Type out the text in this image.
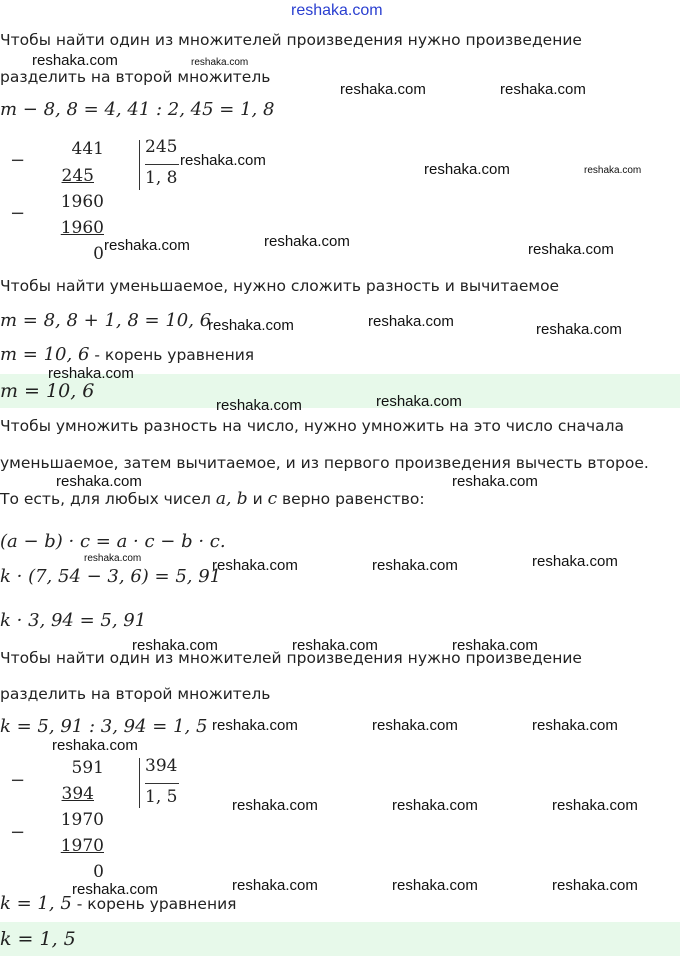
reshaka.com
Чтобы найти один из множителей произведения нужно произведение
разделить на второй множитель
m − 8, 8 = 4, 41 : 2, 45 = 1, 8
−
441
245
−
1960
1960
0
245
1, 8
Чтобы найти уменьшаемое, нужно сложить разность и вычитаемое
m = 8, 8 + 1, 8 = 10, 6
m = 10, 6 - корень уравнения
m = 10, 6
Чтобы умножить разность на число, нужно умножить на это число сначала
уменьшаемое, затем вычитаемое, и из первого произведения вычесть второе.
То есть, для любых чисел a, b и c верно равенство:
(a − b) · c = a · c − b · c.
k · (7, 54 − 3, 6) = 5, 91
k · 3, 94 = 5, 91
Чтобы найти один из множителей произведения нужно произведение
разделить на второй множитель
k = 5, 91 : 3, 94 = 1, 5
−
591
394
−
1970
1970
0
394
1, 5
k = 1, 5 - корень уравнения
k = 1, 5
reshaka.com	reshaka.com
reshaka.com	reshaka.com
reshaka.com
reshaka.com	reshaka.com
reshaka.com	reshaka.com	reshaka.com
reshaka.com	reshaka.com	reshaka.com
reshaka.com
reshaka.com	reshaka.com
reshaka.com	reshaka.com
reshaka.com	reshaka.com	reshaka.com	reshaka.com
reshaka.com	reshaka.com	reshaka.com
reshaka.com	reshaka.com	reshaka.com
reshaka.com
reshaka.com	reshaka.com	reshaka.com
reshaka.com	reshaka.com	reshaka.com
reshaka.com
